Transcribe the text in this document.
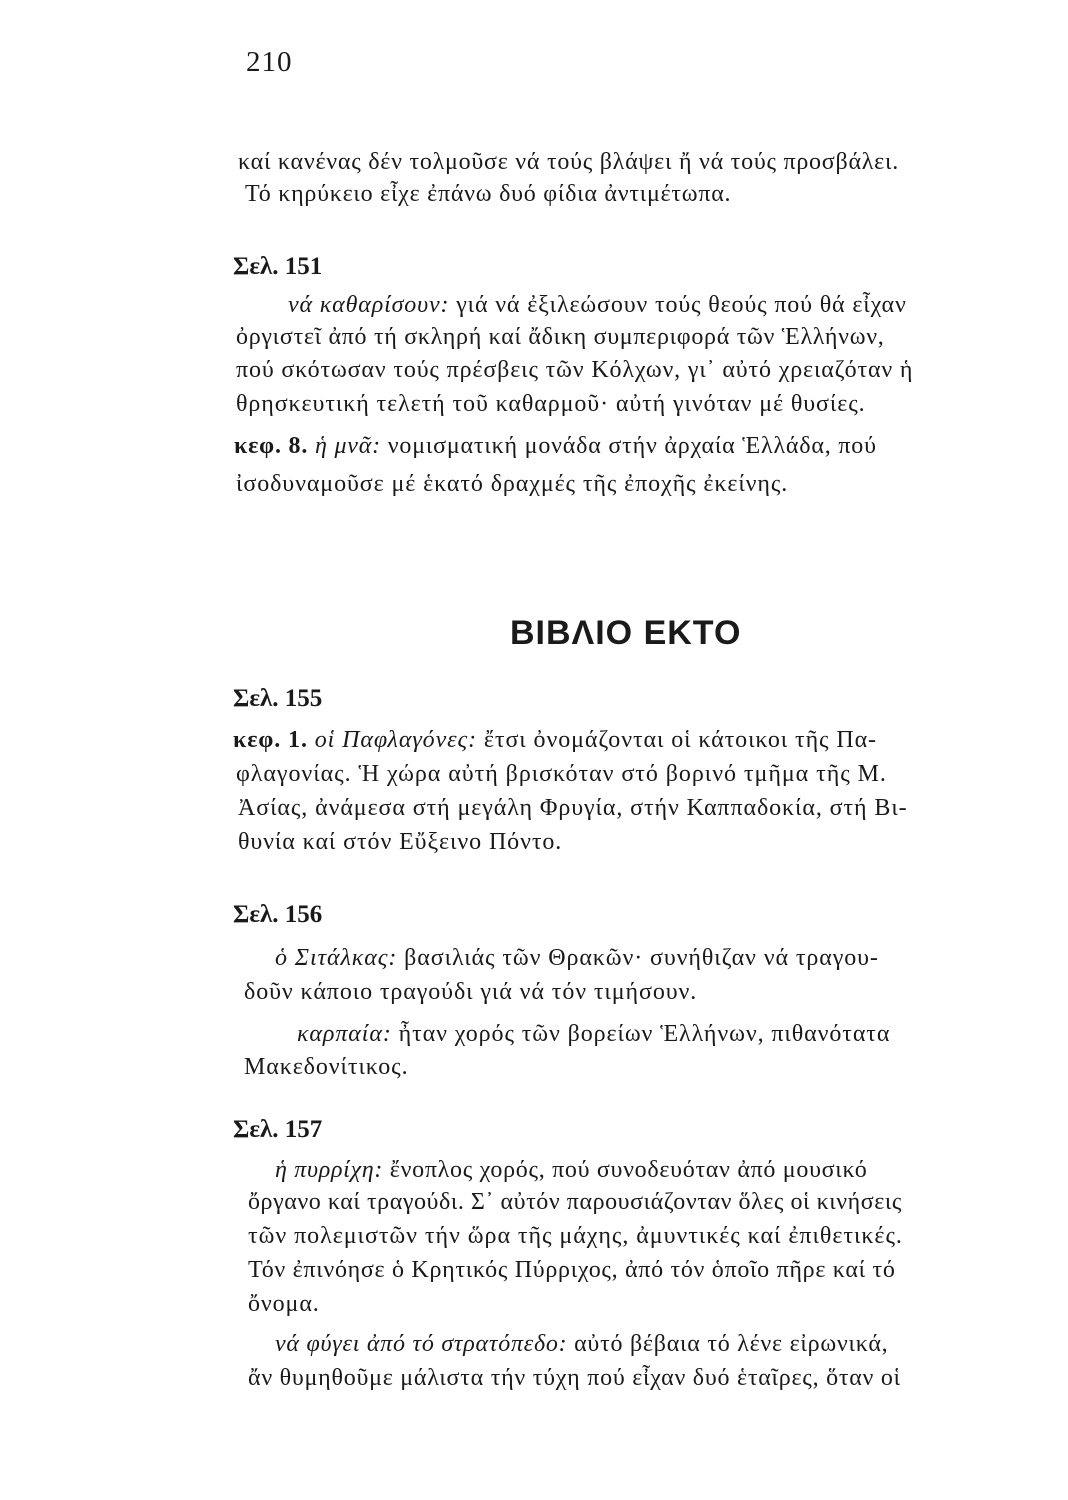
210
καί κανένας δέν τολμοῦσε νά τούς βλάψει ἤ νά τούς προσβάλει.
Τό κηρύκειο εἶχε ἐπάνω δυό φίδια ἀντιμέτωπα.
Σελ. 151
νά καθαρίσουν: γιά νά ἐξιλεώσουν τούς θεούς πού θά εἶχαν
ὀργιστεῖ ἀπό τή σκληρή καί ἄδικη συμπεριφορά τῶν Ἑλλήνων,
πού σκότωσαν τούς πρέσβεις τῶν Κόλχων, γι᾿ αὐτό χρειαζόταν ἡ
θρησκευτική τελετή τοῦ καθαρμοῦ· αὐτή γινόταν μέ θυσίες.
κεφ. 8. ἡ μνᾶ: νομισματική μονάδα στήν ἀρχαία Ἑλλάδα, πού
ἰσοδυναμοῦσε μέ ἑκατό δραχμές τῆς ἐποχῆς ἐκείνης.
ΒΙΒΛΙΟ ΕΚΤΟ
Σελ. 155
κεφ. 1. οἱ Παφλαγόνες: ἔτσι ὀνομάζονται οἱ κάτοικοι τῆς Πα-
φλαγονίας. Ἡ χώρα αὐτή βρισκόταν στό βορινό τμῆμα τῆς Μ.
Ἀσίας, ἀνάμεσα στή μεγάλη Φρυγία, στήν Καππαδοκία, στή Βι-
θυνία καί στόν Εὔξεινο Πόντο.
Σελ. 156
ὁ Σιτάλκας: βασιλιάς τῶν Θρακῶν· συνήθιζαν νά τραγου-
δοῦν κάποιο τραγούδι γιά νά τόν τιμήσουν.
καρπαία: ἦταν χορός τῶν βορείων Ἑλλήνων, πιθανότατα
Μακεδονίτικος.
Σελ. 157
ἡ πυρρίχη: ἔνοπλος χορός, πού συνοδευόταν ἀπό μουσικό
ὄργανο καί τραγούδι. Σ᾿ αὐτόν παρουσιάζονταν ὅλες οἱ κινήσεις
τῶν πολεμιστῶν τήν ὥρα τῆς μάχης, ἀμυντικές καί ἐπιθετικές.
Τόν ἐπινόησε ὁ Κρητικός Πύρριχος, ἀπό τόν ὁποῖο πῆρε καί τό
ὄνομα.
νά φύγει ἀπό τό στρατόπεδο: αὐτό βέβαια τό λένε εἰρωνικά,
ἄν θυμηθοῦμε μάλιστα τήν τύχη πού εἶχαν δυό ἑταῖρες, ὅταν οἱ
